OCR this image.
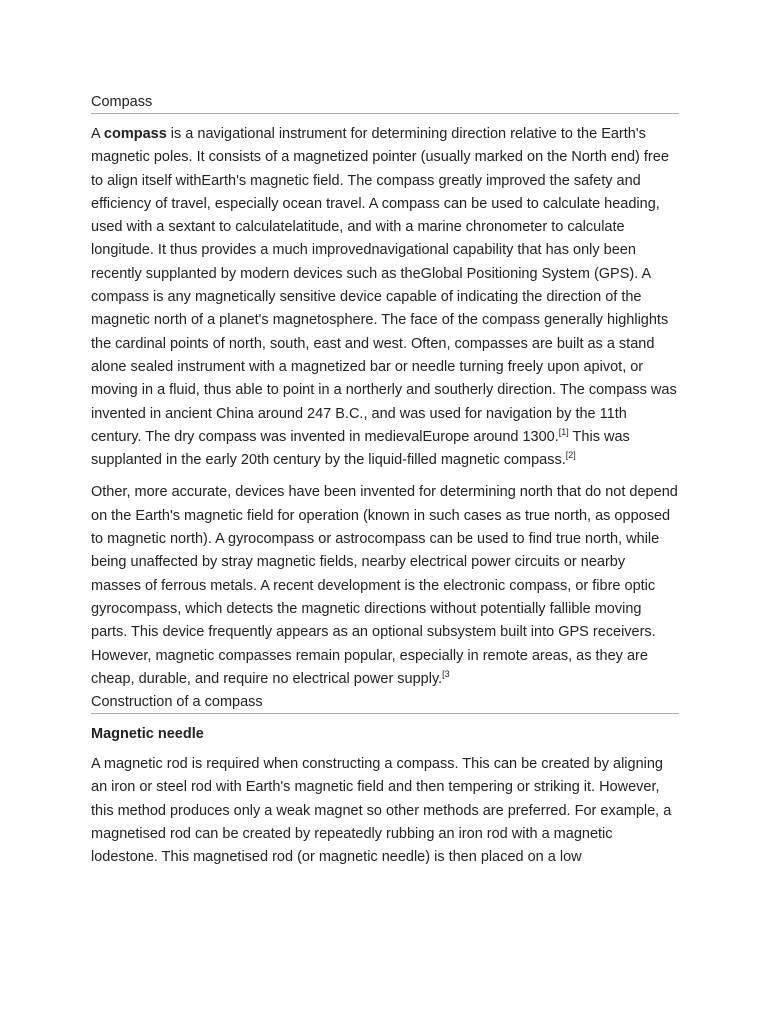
Compass

A compass is a navigational instrument for determining direction relative to the Earth's magnetic poles. It consists of a magnetized pointer (usually marked on the North end) free to align itself withEarth's magnetic field. The compass greatly improved the safety and efficiency of travel, especially ocean travel. A compass can be used to calculate heading, used with a sextant to calculatelatitude, and with a marine chronometer to calculate longitude. It thus provides a much improvednavigational capability that has only been recently supplanted by modern devices such as theGlobal Positioning System (GPS). A compass is any magnetically sensitive device capable of indicating the direction of the magnetic north of a planet's magnetosphere. The face of the compass generally highlights the cardinal points of north, south, east and west. Often, compasses are built as a stand alone sealed instrument with a magnetized bar or needle turning freely upon apivot, or moving in a fluid, thus able to point in a northerly and southerly direction. The compass was invented in ancient China around 247 B.C., and was used for navigation by the 11th century. The dry compass was invented in medievalEurope around 1300.[1] This was supplanted in the early 20th century by the liquid-filled magnetic compass.[2]

Other, more accurate, devices have been invented for determining north that do not depend on the Earth's magnetic field for operation (known in such cases as true north, as opposed to magnetic north). A gyrocompass or astrocompass can be used to find true north, while being unaffected by stray magnetic fields, nearby electrical power circuits or nearby masses of ferrous metals. A recent development is the electronic compass, or fibre optic gyrocompass, which detects the magnetic directions without potentially fallible moving parts. This device frequently appears as an optional subsystem built into GPS receivers. However, magnetic compasses remain popular, especially in remote areas, as they are cheap, durable, and require no electrical power supply.$^{[3}$

Construction of a compass
Magnetic needle

A magnetic rod is required when constructing a compass. This can be created by aligning an iron or steel rod with Earth's magnetic field and then tempering or striking it. However, this method produces only a weak magnet so other methods are preferred. For example, a magnetised rod can be created by repeatedly rubbing an iron rod with a magnetic lodestone. This magnetised rod (or magnetic needle) is then placed on a low
